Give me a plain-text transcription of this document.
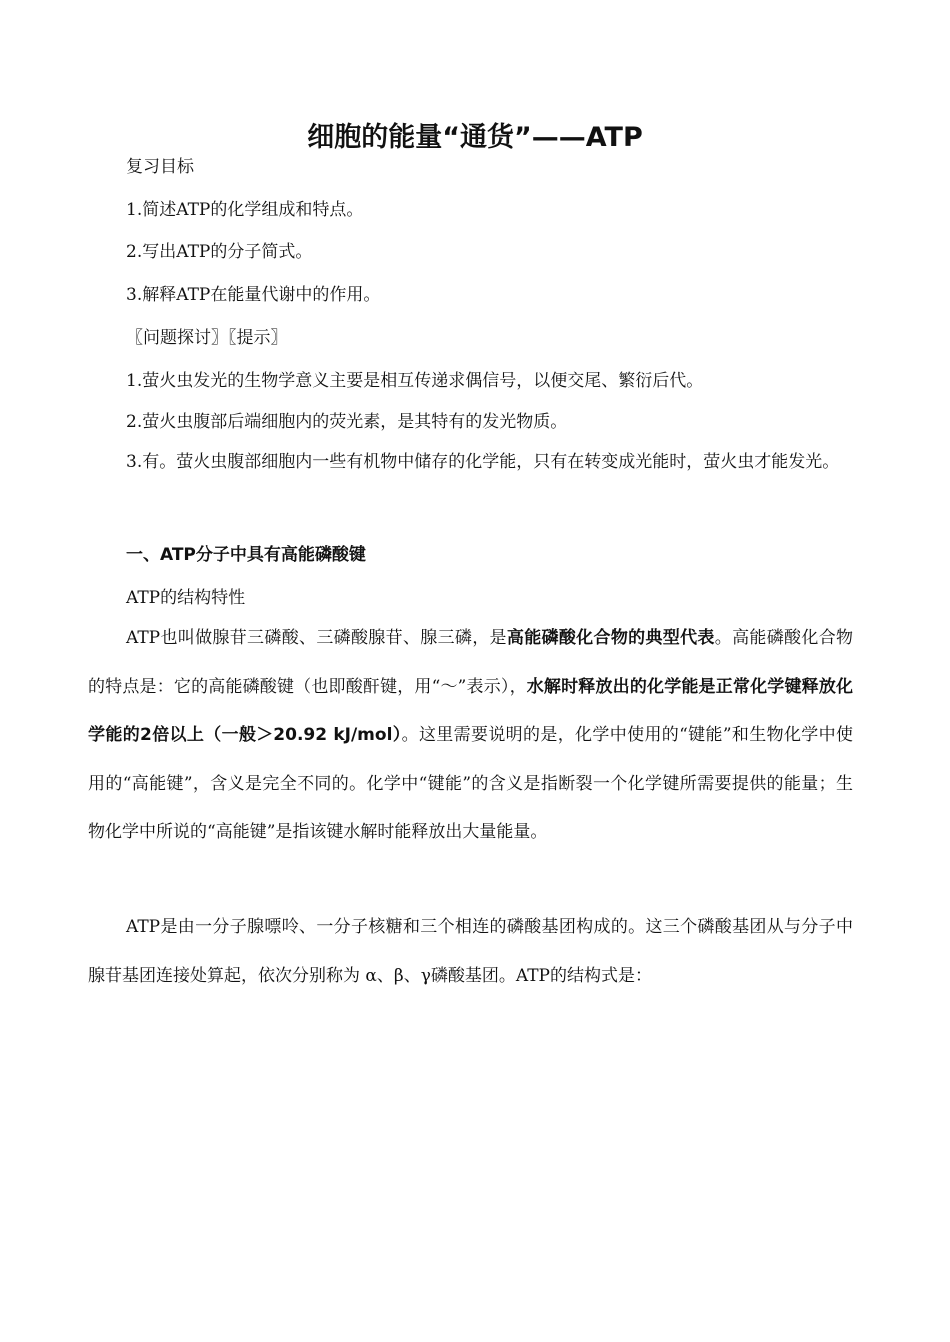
细胞的能量“通货”——ATP

复习目标

1.简述ATP的化学组成和特点。

2.写出ATP的分子简式。

3.解释ATP在能量代谢中的作用。

〖问题探讨〗〖提示〗

1.萤火虫发光的生物学意义主要是相互传递求偶信号，以便交尾、繁衍后代。

2.萤火虫腹部后端细胞内的荧光素，是其特有的发光物质。

3.有。萤火虫腹部细胞内一些有机物中储存的化学能，只有在转变成光能时，萤火虫才能发光。

一、ATP分子中具有高能磷酸键

ATP的结构特性

ATP也叫做腺苷三磷酸、三磷酸腺苷、腺三磷，是高能磷酸化合物的典型代表。高能磷酸化合物的特点是：它的高能磷酸键（也即酸酐键，用“～”表示），水解时释放出的化学能是正常化学键释放化学能的2倍以上（一般＞20.92 kJ/mol）。这里需要说明的是，化学中使用的“键能”和生物化学中使用的“高能键”，含义是完全不同的。化学中“键能”的含义是指断裂一个化学键所需要提供的能量；生物化学中所说的“高能键”是指该键水解时能释放出大量能量。

ATP是由一分子腺嘌呤、一分子核糖和三个相连的磷酸基团构成的。这三个磷酸基团从与分子中腺苷基团连接处算起，依次分别称为 α、β、γ磷酸基团。ATP的结构式是：
